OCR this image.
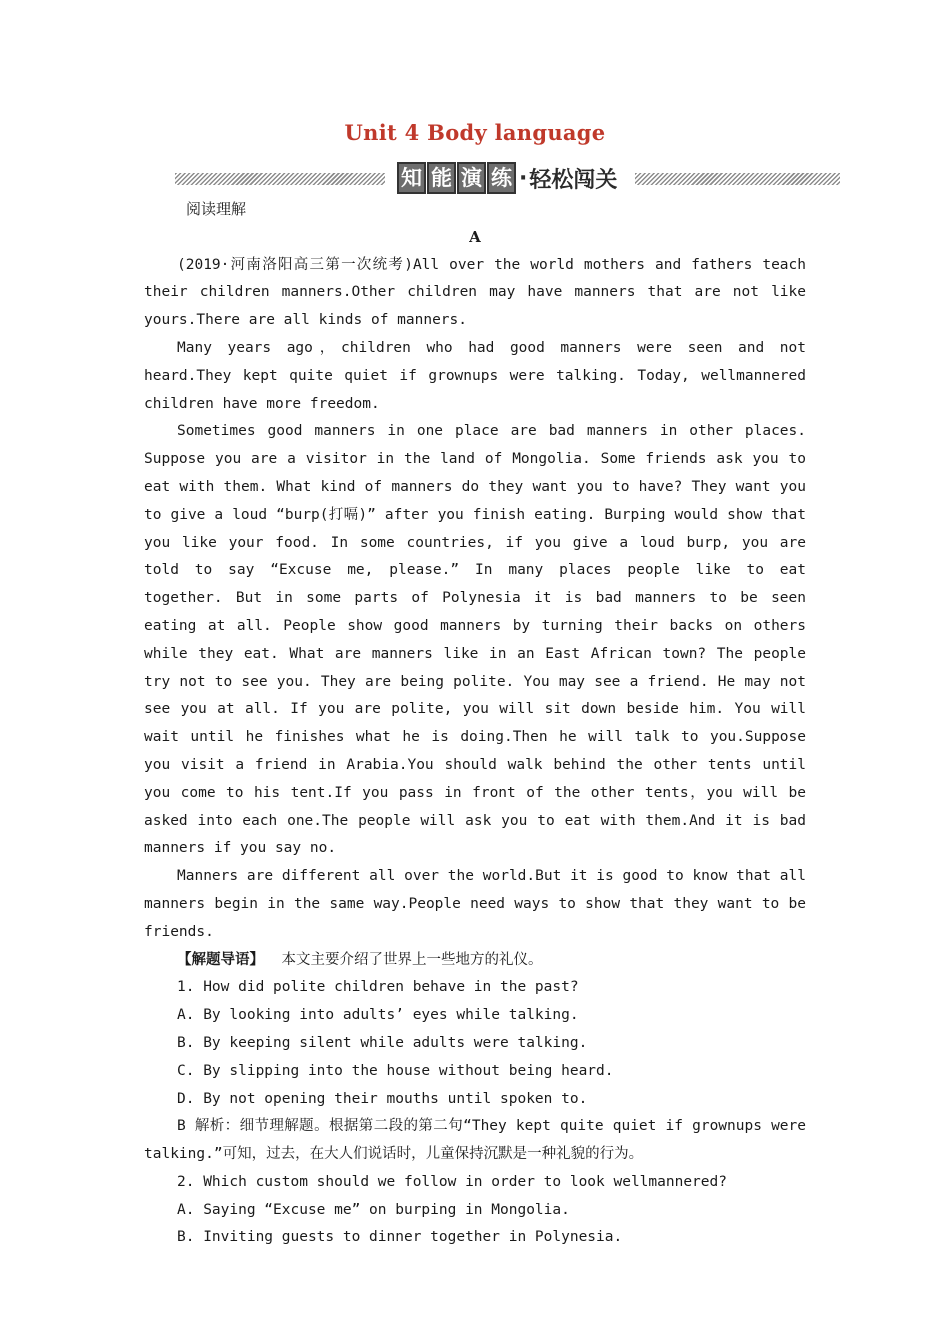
Unit 4 Body language
知 能 演 练 · 轻松闯关
阅读理解
A

(2019·河南洛阳高三第一次统考)All over the world mothers and fathers teach their children manners.Other children may have manners that are not like yours.There are all kinds of manners.

Many years ago，children who had good manners were seen and not heard.They kept quite quiet if grownups were talking. Today, wellmannered children have more freedom.

Sometimes good manners in one place are bad manners in other places. Suppose you are a visitor in the land of Mongolia. Some friends ask you to eat with them. What kind of manners do they want you to have? They want you to give a loud “burp(打嗝)” after you finish eating. Burping would show that you like your food. In some countries, if you give a loud burp, you are told to say “Excuse me, please.” In many places people like to eat together. But in some parts of Polynesia it is bad manners to be seen eating at all. People show good manners by turning their backs on others while they eat. What are manners like in an East African town? The people try not to see you. They are being polite. You may see a friend. He may not see you at all. If you are polite, you will sit down beside him. You will wait until he finishes what he is doing.Then he will talk to you.Suppose you visit a friend in Arabia.You should walk behind the other tents until you come to his tent.If you pass in front of the other tents，you will be asked into each one.The people will ask you to eat with them.And it is bad manners if you say no.

Manners are different all over the world.But it is good to know that all manners begin in the same way.People need ways to show that they want to be friends.

【解题导语】 本文主要介绍了世界上一些地方的礼仪。

1. How did polite children behave in the past?

A. By looking into adults’ eyes while talking.

B. By keeping silent while adults were talking.

C. By slipping into the house without being heard.

D. By not opening their mouths until spoken to.

B 解析：细节理解题。根据第二段的第二句“They kept quite quiet if grownups were talking.”可知，过去，在大人们说话时，儿童保持沉默是一种礼貌的行为。

2. Which custom should we follow in order to look wellmannered?

A. Saying “Excuse me” on burping in Mongolia.

B. Inviting guests to dinner together in Polynesia.
